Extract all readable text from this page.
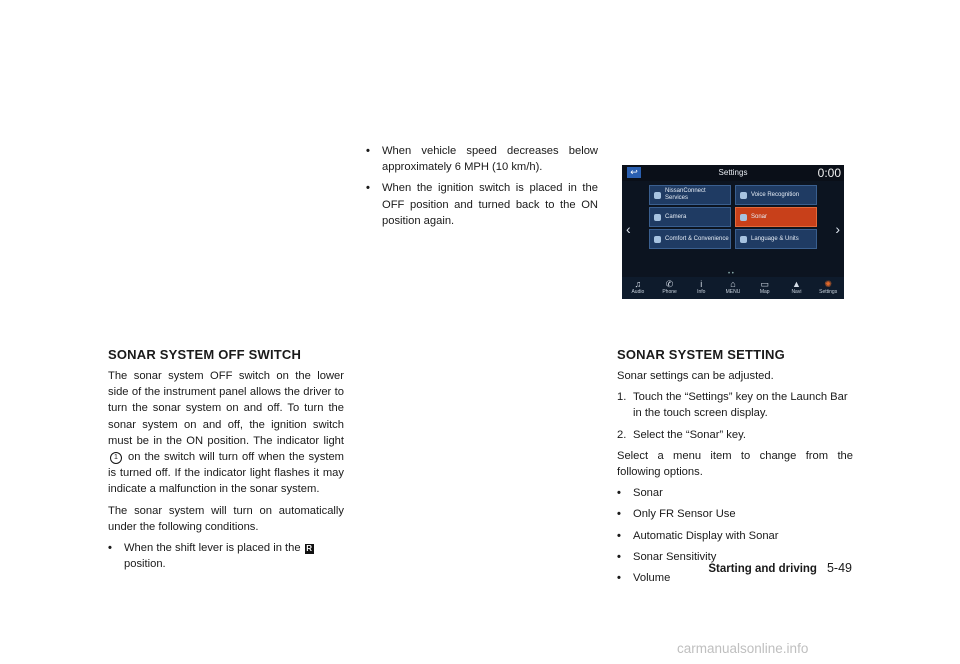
SONAR SYSTEM OFF SWITCH

The sonar system OFF switch on the lower side of the instrument panel allows the driver to turn the sonar system on and off. To turn the sonar system on and off, the ignition switch must be in the ON position. The indicator light 1 on the switch will turn off when the system is turned off. If the indicator light flashes it may indicate a malfunction in the sonar system.

The sonar system will turn on automatically under the following conditions.

• When the shift lever is placed in the R
position.
• When vehicle speed decreases below approximately 6 MPH (10 km/h).
• When the ignition switch is placed in the OFF position and turned back to the ON position again.
↩	Settings	0:00
‹	›
NissanConnect Services
Voice Recognition
Camera	Sonar
Comfort & Convenience	Language & Units
• •
♫
Audio
✆
Phone
i
Info
⌂
MENU
▭
Map
▲
Navi
✺
Settings
SONAR SYSTEM SETTING

Sonar settings can be adjusted.

1. Touch the “Settings” key on the Launch Bar in the touch screen display.
2. Select the “Sonar” key.

Select a menu item to change from the following options.

• Sonar
• Only FR Sensor Use
• Automatic Display with Sonar
• Sonar Sensitivity
• Volume
Starting and driving 5-49
carmanualsonline.info
